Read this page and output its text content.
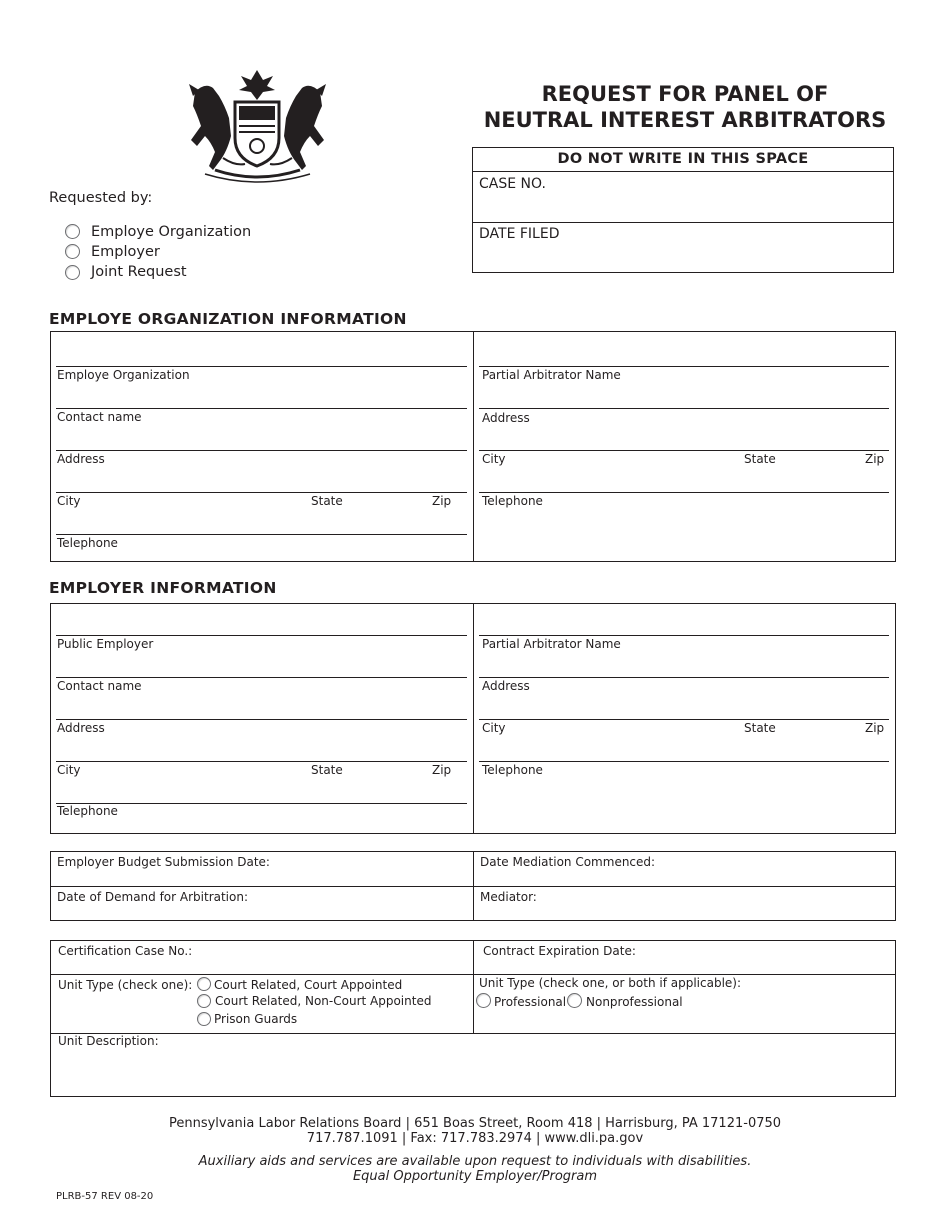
REQUEST FOR PANEL OF
NEUTRAL INTEREST ARBITRATORS
DO NOT WRITE IN THIS SPACE
CASE NO.
DATE FILED
Requested by:
Employe Organization
Employer
Joint Request
EMPLOYE ORGANIZATION INFORMATION
Employe Organization
Contact name
Address
City	State	Zip
Telephone
Partial Arbitrator Name
Address
City	State	Zip
Telephone
EMPLOYER INFORMATION
Public Employer
Contact name
Address
City	State	Zip
Telephone
Partial Arbitrator Name
Address
City	State	Zip
Telephone
Employer Budget Submission Date:	Date Mediation Commenced:
Date of Demand for Arbitration:	Mediator:
Certification Case No.:	Contract Expiration Date:
Unit Type (check one): Court Related, Court Appointed
Court Related, Non-Court Appointed
Prison Guards
Unit Type (check one, or both if applicable):
Professional Nonprofessional
Unit Description:
Pennsylvania Labor Relations Board | 651 Boas Street, Room 418 | Harrisburg, PA 17121-0750
717.787.1091 | Fax: 717.783.2974 | www.dli.pa.gov
Auxiliary aids and services are available upon request to individuals with disabilities.
Equal Opportunity Employer/Program
PLRB-57 REV 08-20
